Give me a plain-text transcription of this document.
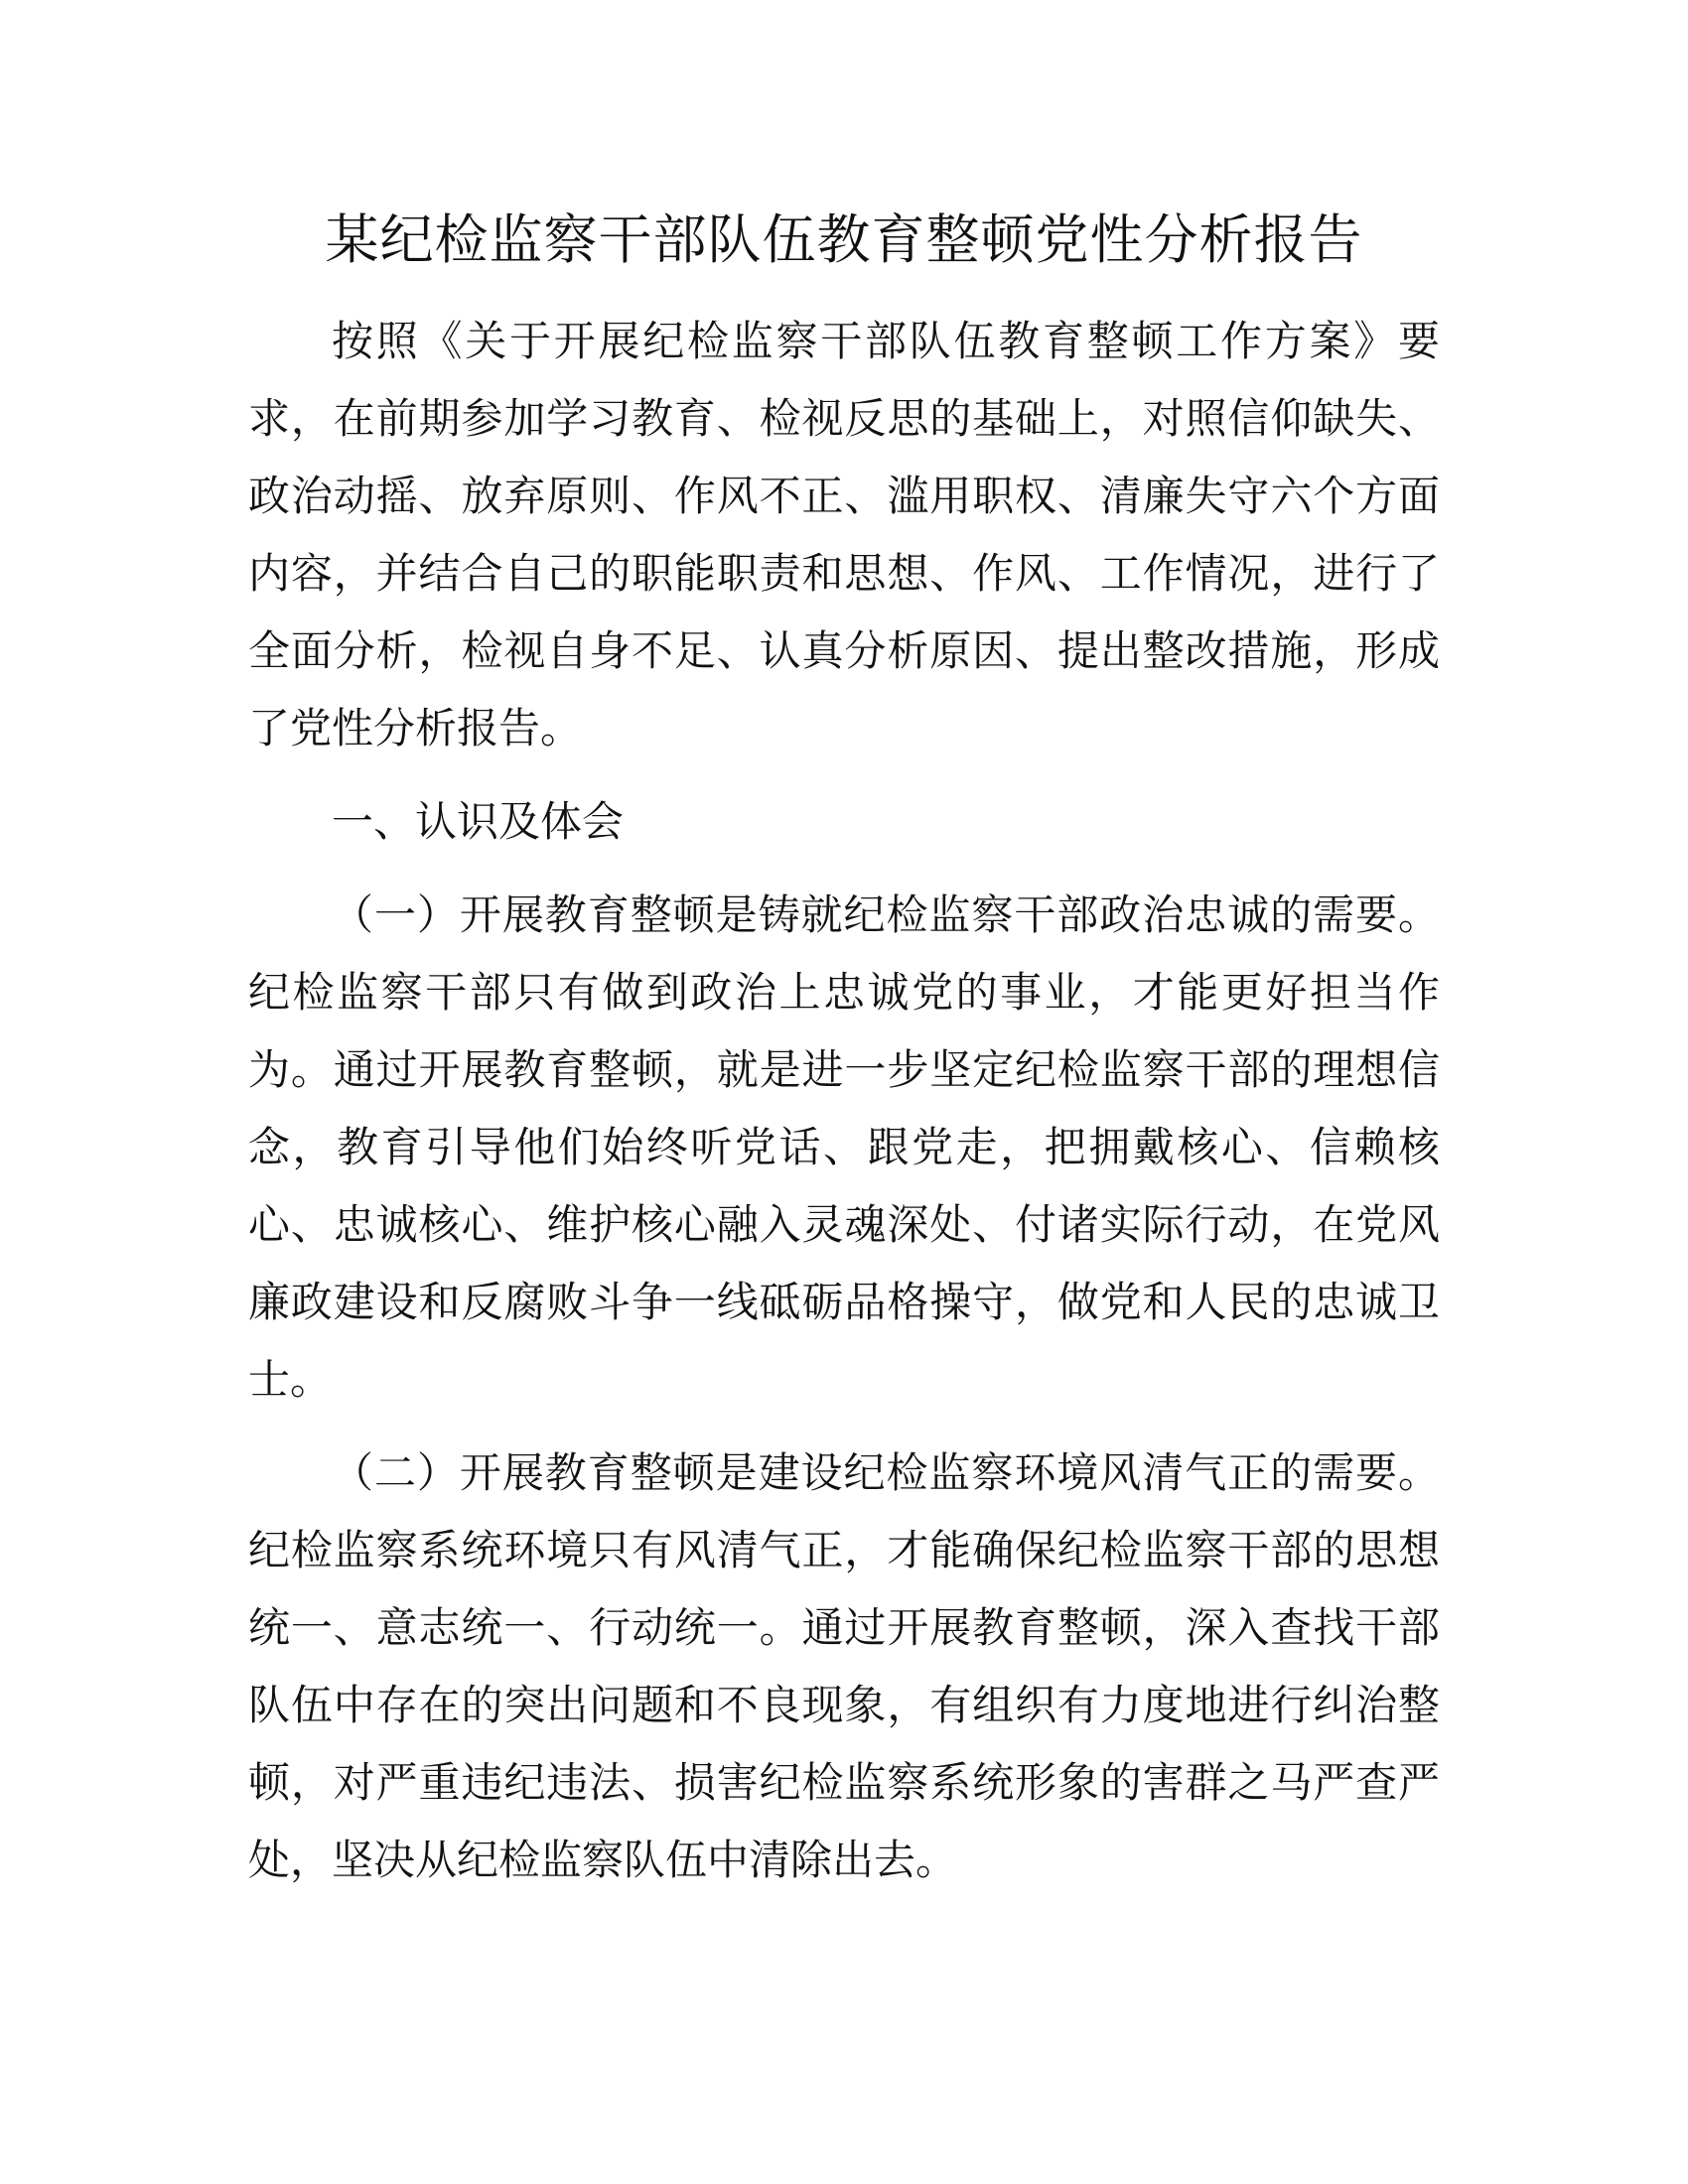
某纪检监察干部队伍教育整顿党性分析报告

按照《关于开展纪检监察干部队伍教育整顿工作方案》要求，在前期参加学习教育、检视反思的基础上，对照信仰缺失、政治动摇、放弃原则、作风不正、滥用职权、清廉失守六个方面内容，并结合自己的职能职责和思想、作风、工作情况，进行了全面分析，检视自身不足、认真分析原因、提出整改措施，形成了党性分析报告。

一、认识及体会

（一）开展教育整顿是铸就纪检监察干部政治忠诚的需要。纪检监察干部只有做到政治上忠诚党的事业，才能更好担当作为。通过开展教育整顿，就是进一步坚定纪检监察干部的理想信念，教育引导他们始终听党话、跟党走，把拥戴核心、信赖核心、忠诚核心、维护核心融入灵魂深处、付诸实际行动，在党风廉政建设和反腐败斗争一线砥砺品格操守，做党和人民的忠诚卫士。

（二）开展教育整顿是建设纪检监察环境风清气正的需要。纪检监察系统环境只有风清气正，才能确保纪检监察干部的思想统一、意志统一、行动统一。通过开展教育整顿，深入查找干部队伍中存在的突出问题和不良现象，有组织有力度地进行纠治整顿，对严重违纪违法、损害纪检监察系统形象的害群之马严查严处，坚决从纪检监察队伍中清除出去。
